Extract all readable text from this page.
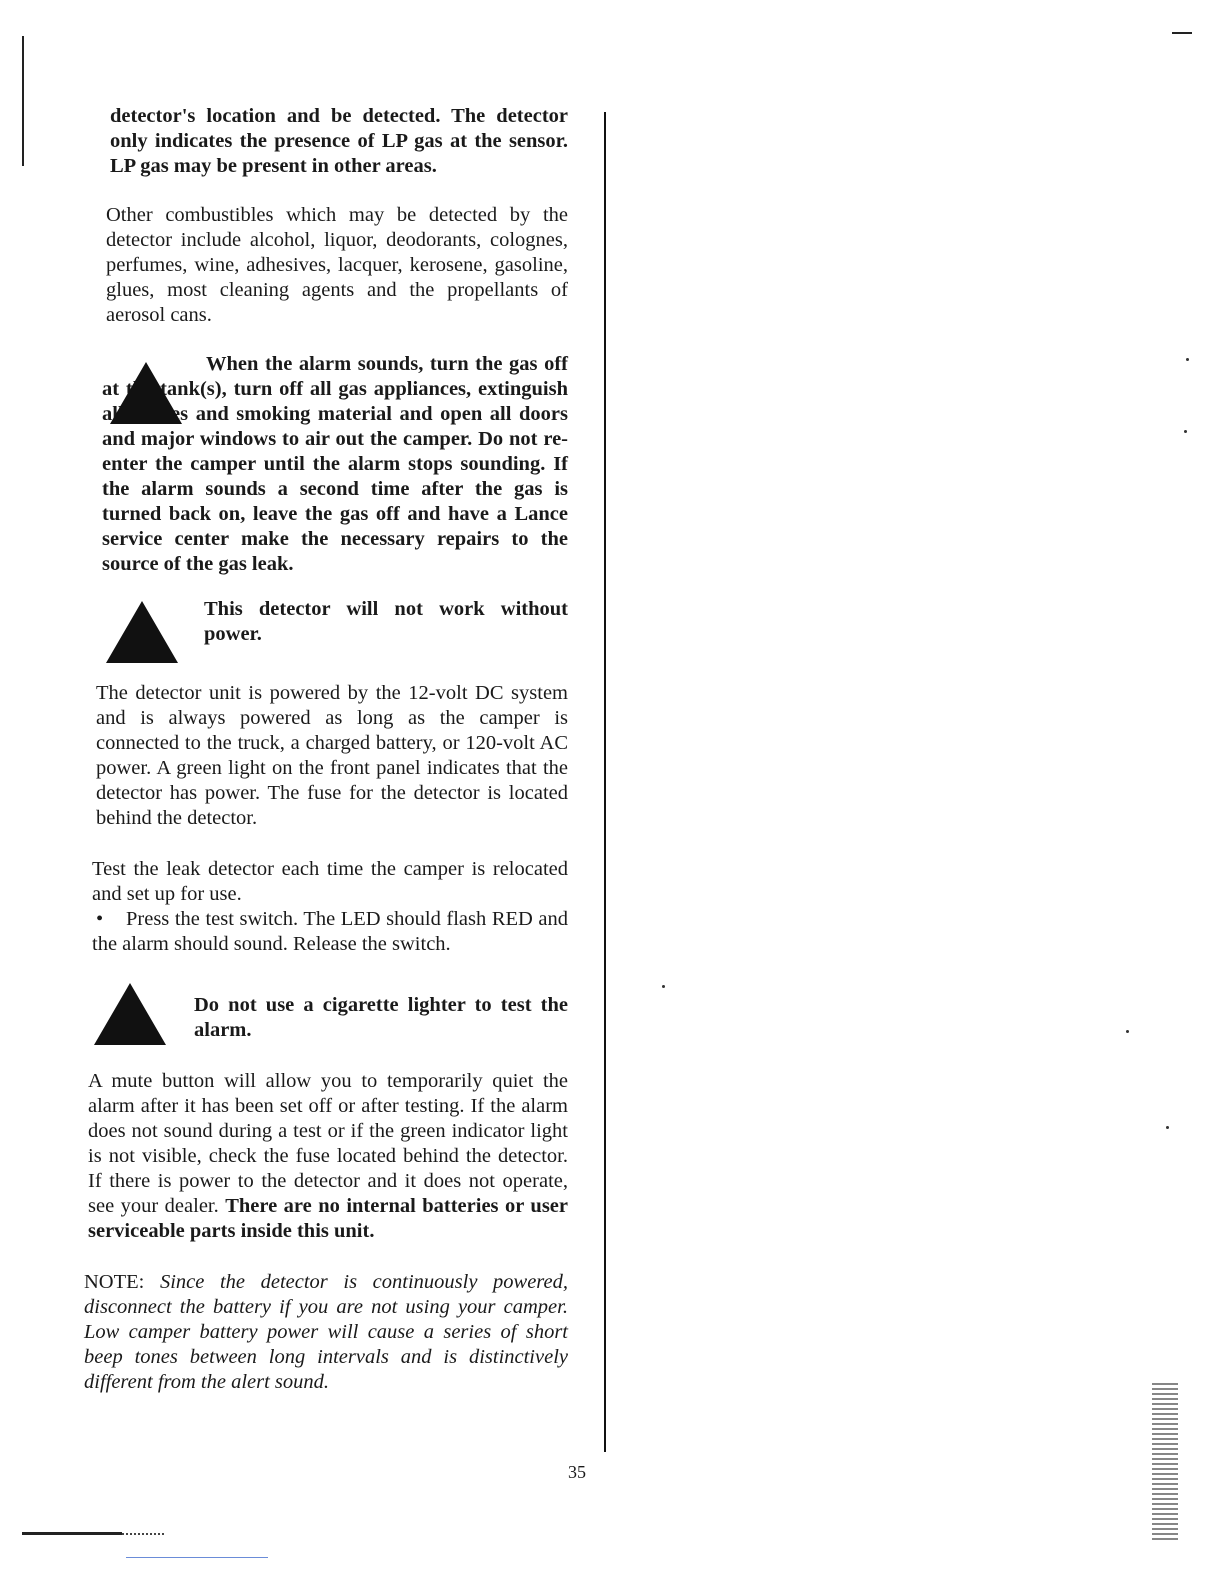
detector's location and be detected. The detector only indicates the presence of LP gas at the sensor. LP gas may be present in other areas.

Other combustibles which may be detected by the detector include alcohol, liquor, deodorants, colognes, perfumes, wine, adhesives, lacquer, kerosene, gasoline, glues, most cleaning agents and the propellants of aerosol cans.

When the alarm sounds, turn the gas off at the tank(s), turn off all gas appliances, extinguish all flames and smoking material and open all doors and major windows to air out the camper. Do not re-enter the camper until the alarm stops sounding. If the alarm sounds a second time after the gas is turned back on, leave the gas off and have a Lance service center make the necessary repairs to the source of the gas leak.

This detector will not work without power.

The detector unit is powered by the 12-volt DC system and is always powered as long as the camper is connected to the truck, a charged battery, or 120-volt AC power. A green light on the front panel indicates that the detector has power. The fuse for the detector is located behind the detector.

Test the leak detector each time the camper is relocated and set up for use.

• Press the test switch. The LED should flash RED and the alarm should sound. Release the switch.

Do not use a cigarette lighter to test the alarm.

A mute button will allow you to temporarily quiet the alarm after it has been set off or after testing. If the alarm does not sound during a test or if the green indicator light is not visible, check the fuse located behind the detector. If there is power to the detector and it does not operate, see your dealer. There are no internal batteries or user serviceable parts inside this unit.

NOTE: Since the detector is continuously powered, disconnect the battery if you are not using your camper. Low camper battery power will cause a series of short beep tones between long intervals and is distinctively different from the alert sound.

35
